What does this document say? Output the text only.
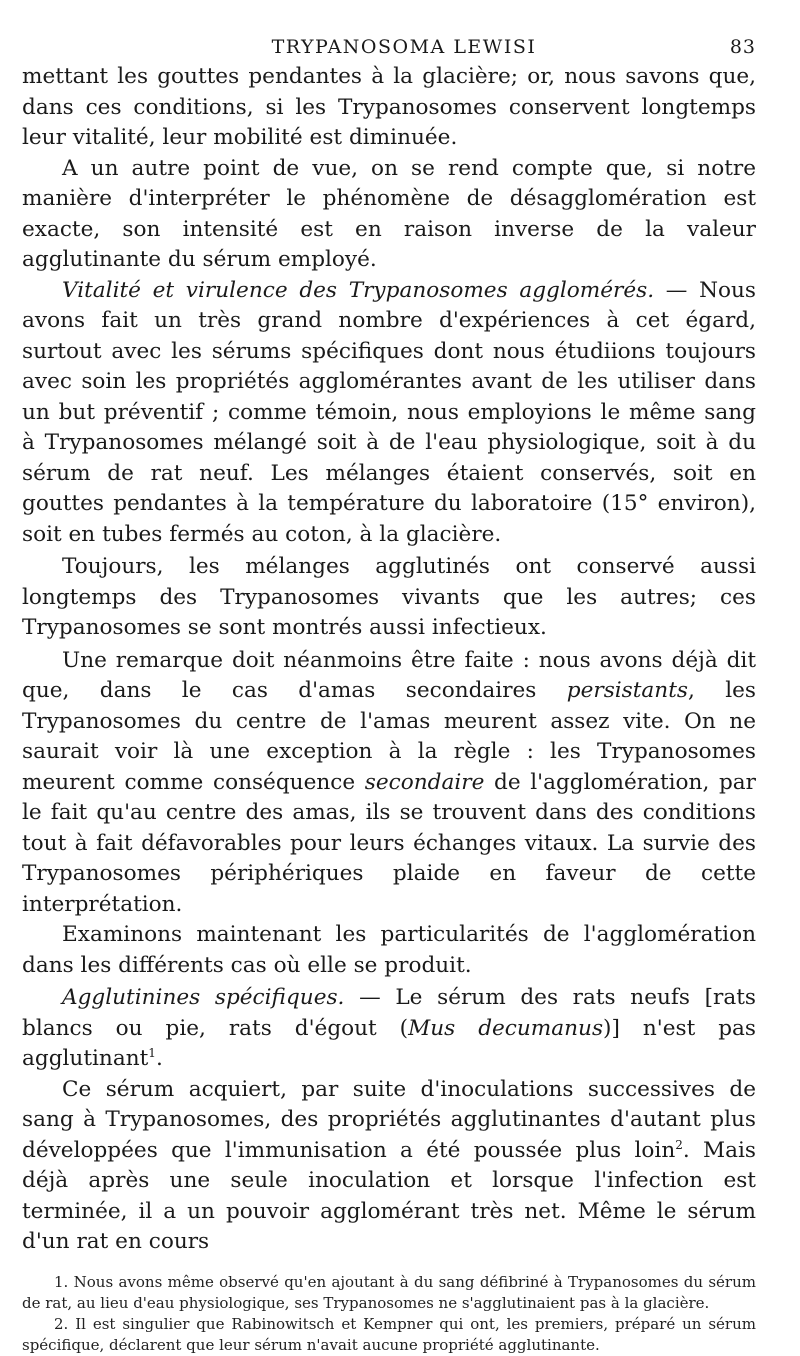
TRYPANOSOMA LEWISI	83

mettant les gouttes pendantes à la glacière; or, nous savons que, dans ces conditions, si les Trypanosomes conservent longtemps leur vitalité, leur mobilité est diminuée.

A un autre point de vue, on se rend compte que, si notre manière d'interpréter le phénomène de désagglomération est exacte, son intensité est en raison inverse de la valeur agglutinante du sérum employé.

Vitalité et virulence des Trypanosomes agglomérés. — Nous avons fait un très grand nombre d'expériences à cet égard, surtout avec les sérums spécifiques dont nous étudiions toujours avec soin les propriétés agglomérantes avant de les utiliser dans un but préventif ; comme témoin, nous employions le même sang à Trypanosomes mélangé soit à de l'eau physiologique, soit à du sérum de rat neuf. Les mélanges étaient conservés, soit en gouttes pendantes à la température du laboratoire (15° environ), soit en tubes fermés au coton, à la glacière.

Toujours, les mélanges agglutinés ont conservé aussi longtemps des Trypanosomes vivants que les autres; ces Trypanosomes se sont montrés aussi infectieux.

Une remarque doit néanmoins être faite : nous avons déjà dit que, dans le cas d'amas secondaires persistants, les Trypanosomes du centre de l'amas meurent assez vite. On ne saurait voir là une exception à la règle : les Trypanosomes meurent comme conséquence secondaire de l'agglomération, par le fait qu'au centre des amas, ils se trouvent dans des conditions tout à fait défavorables pour leurs échanges vitaux. La survie des Trypanosomes périphériques plaide en faveur de cette interprétation.

Examinons maintenant les particularités de l'agglomération dans les différents cas où elle se produit.

Agglutinines spécifiques. — Le sérum des rats neufs [rats blancs ou pie, rats d'égout (Mus decumanus)] n'est pas agglutinant$^1$.

Ce sérum acquiert, par suite d'inoculations successives de sang à Trypanosomes, des propriétés agglutinantes d'autant plus développées que l'immunisation a été poussée plus loin$^2$. Mais déjà après une seule inoculation et lorsque l'infection est terminée, il a un pouvoir agglomérant très net. Même le sérum d'un rat en cours

1. Nous avons même observé qu'en ajoutant à du sang défibriné à Trypanosomes du sérum de rat, au lieu d'eau physiologique, ses Trypanosomes ne s'agglutinaient pas à la glacière.

2. Il est singulier que Rabinowitsch et Kempner qui ont, les premiers, préparé un sérum spécifique, déclarent que leur sérum n'avait aucune propriété agglutinante.
